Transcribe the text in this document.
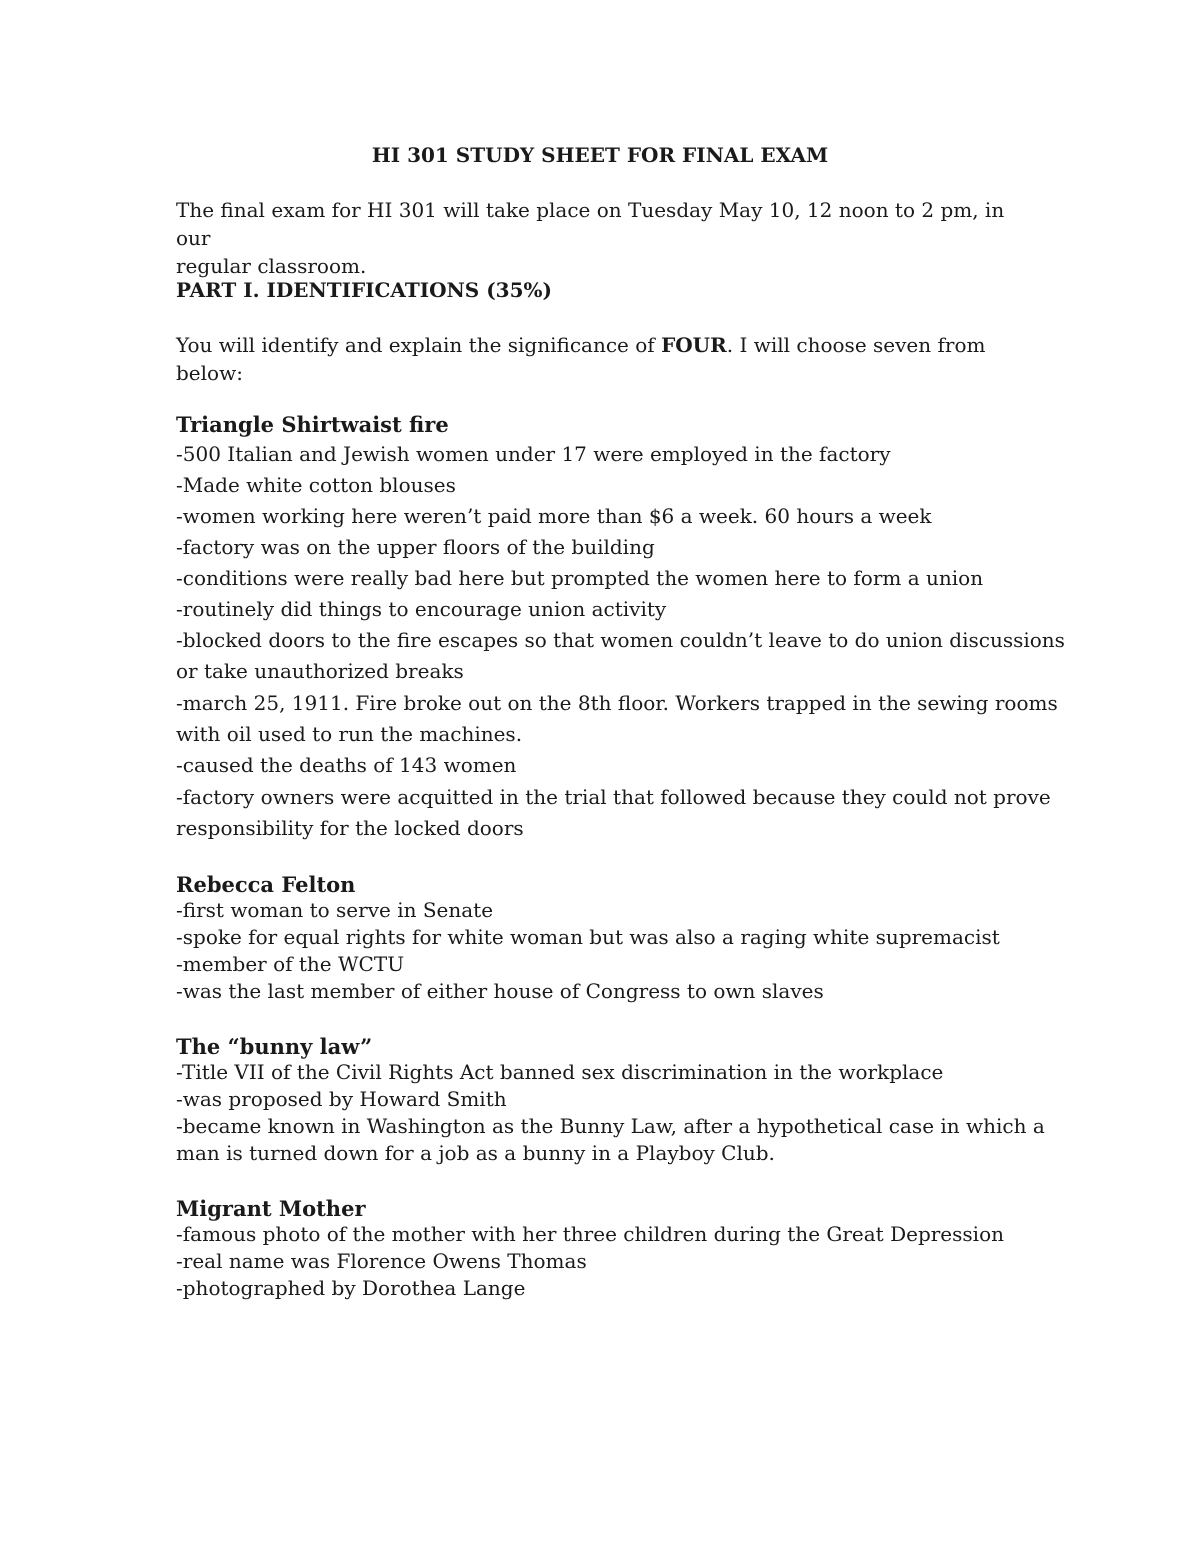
HI 301 STUDY SHEET FOR FINAL EXAM
The final exam for HI 301 will take place on Tuesday May 10, 12 noon to 2 pm, in our
regular classroom.
PART I. IDENTIFICATIONS (35%)
You will identify and explain the significance of FOUR. I will choose seven from
below:
Triangle Shirtwaist fire
-500 Italian and Jewish women under 17 were employed in the factory
-Made white cotton blouses
-women working here weren’t paid more than $6 a week. 60 hours a week
-factory was on the upper floors of the building
-conditions were really bad here but prompted the women here to form a union
-routinely did things to encourage union activity
-blocked doors to the fire escapes so that women couldn’t leave to do union discussions
or take unauthorized breaks
-march 25, 1911. Fire broke out on the 8th floor. Workers trapped in the sewing rooms
with oil used to run the machines.
-caused the deaths of 143 women
-factory owners were acquitted in the trial that followed because they could not prove
responsibility for the locked doors
Rebecca Felton
-first woman to serve in Senate
-spoke for equal rights for white woman but was also a raging white supremacist
-member of the WCTU
-was the last member of either house of Congress to own slaves
The “bunny law”
-Title VII of the Civil Rights Act banned sex discrimination in the workplace
-was proposed by Howard Smith
-became known in Washington as the Bunny Law, after a hypothetical case in which a
man is turned down for a job as a bunny in a Playboy Club.
Migrant Mother
-famous photo of the mother with her three children during the Great Depression
-real name was Florence Owens Thomas
-photographed by Dorothea Lange
